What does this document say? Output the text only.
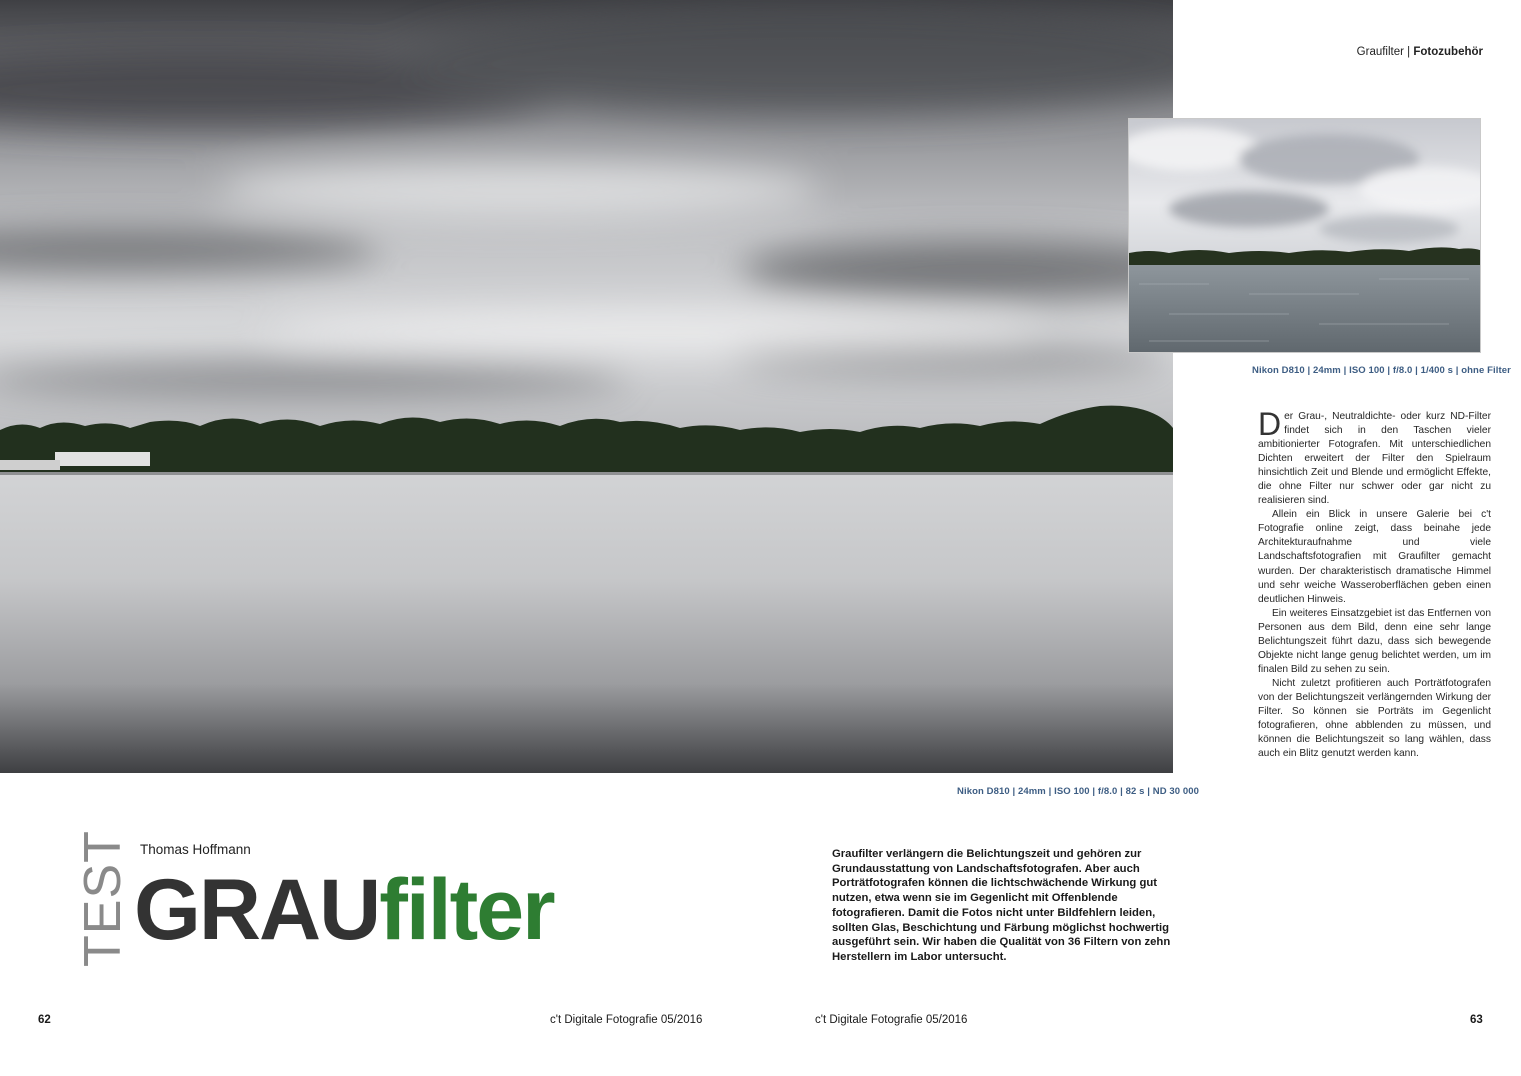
Nikon D810 | 24mm | ISO 100 | f/8.0 | 82 s | ND 30 000
Graufilter | Fotozubehör
Nikon D810 | 24mm | ISO 100 | f/8.0 | 1/400 s | ohne Filter

Der Grau-, Neutraldichte- oder kurz ND-Filter findet sich in den Taschen vieler ambitionierter Fotografen. Mit unterschiedlichen Dichten erweitert der Filter den Spielraum hinsichtlich Zeit und Blende und ermöglicht Effekte, die ohne Filter nur schwer oder gar nicht zu realisieren sind.

Allein ein Blick in unsere Galerie bei c't Fotografie online zeigt, dass beinahe jede Architekturaufnahme und viele Landschaftsfotografien mit Graufilter gemacht wurden. Der charakteristisch dramatische Himmel und sehr weiche Wasseroberflächen geben einen deutlichen Hinweis.

Ein weiteres Einsatzgebiet ist das Entfernen von Personen aus dem Bild, denn eine sehr lange Belichtungszeit führt dazu, dass sich bewegende Objekte nicht lange genug belichtet werden, um im finalen Bild zu sehen zu sein.

Nicht zuletzt profitieren auch Porträtfotografen von der Belichtungszeit verlängernden Wirkung der Filter. So können sie Porträts im Gegenlicht fotografieren, ohne abblenden zu müssen, und können die Belichtungszeit so lang wählen, dass auch ein Blitz genutzt werden kann.

TEST Thomas Hoffmann
GRAUfilter
Graufilter verlängern die Belichtungszeit und gehören zur Grundausstattung von Landschaftsfotografen. Aber auch Porträtfotografen können die lichtschwächende Wirkung gut nutzen, etwa wenn sie im Gegenlicht mit Offenblende fotografieren. Damit die Fotos nicht unter Bildfehlern leiden, sollten Glas, Beschichtung und Färbung möglichst hochwertig ausgeführt sein. Wir haben die Qualität von 36 Filtern von zehn Herstellern im Labor untersucht.
62	c't Digitale Fotografie 05/2016	c't Digitale Fotografie 05/2016	63
